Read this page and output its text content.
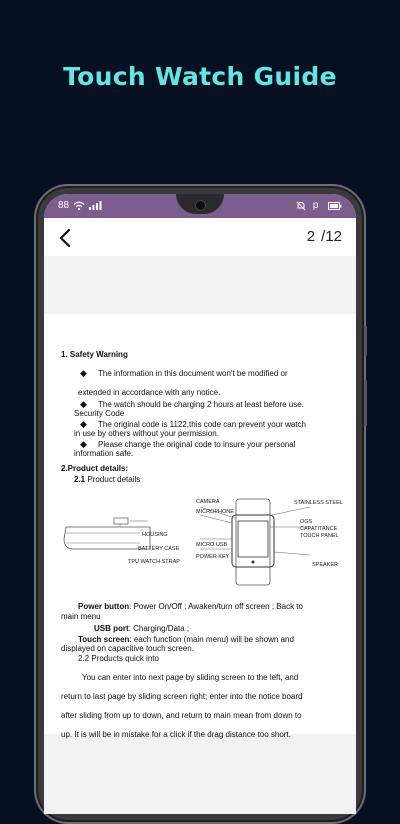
Touch Watch Guide
88	p
2 /12
1. Safety Warning
◆ The information in this document won't be modified or
extended in accordance with any notice.
◆ The watch should be charging 2 hours at least before use.
Security Code
◆ The original code is 1122,this code can prevent your watch
in use by others without your permission.
◆ Please change the original code to insure your personal
information safe.
2.Product details:
2.1 Product details
CAMERA
MICROPHONE
HOUSING
BATTERY CASE
TPU WATCH STRAP
MICRO USB
POWER KEY
STAINLESS STEEL
OGS
CAPATITANCE
TOUCH PANEL
SPEAKER
Power button: Power On/Off ; Awaken/turn off screen ; Back to
main menu
USB port: Charging/Data ;
Touch screen: each function (main menu) will be shown and
displayed on capacitive touch screen.
2.2 Products quick into
You can enter into next page by sliding screen to the left, and
return to last page by sliding screen right; enter into the notice board
after sliding from up to down, and return to main mean from down to
up. It is will be in mistake for a click if the drag distance too short.
